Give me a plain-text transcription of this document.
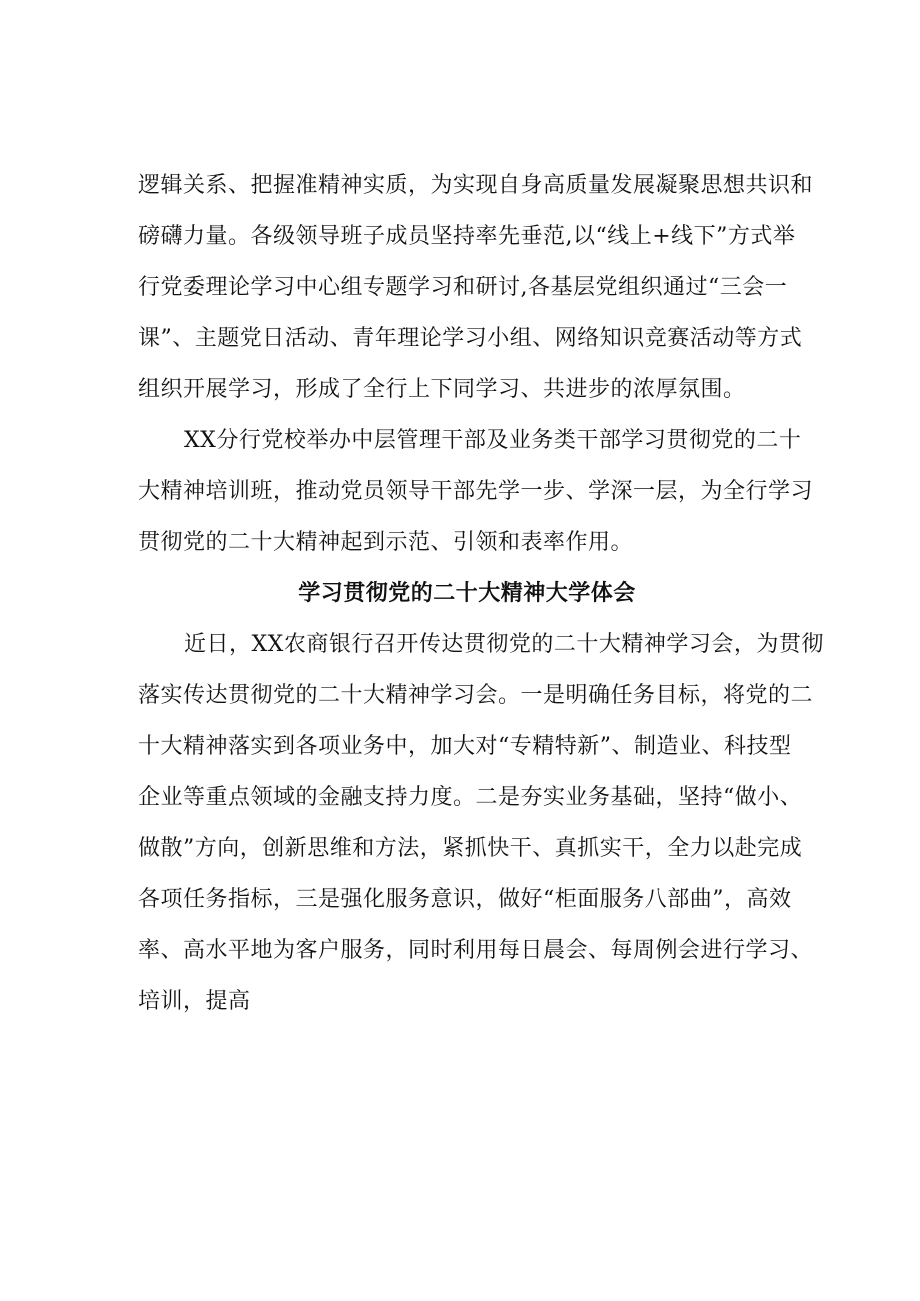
逻辑关系、把握准精神实质，为实现自身高质量发展凝聚思想共识和
磅礴力量。各级领导班子成员坚持率先垂范,以“线上+线下”方式举
行党委理论学习中心组专题学习和研讨,各基层党组织通过“三会一
课”、主题党日活动、青年理论学习小组、网络知识竞赛活动等方式
组织开展学习，形成了全行上下同学习、共进步的浓厚氛围。

XX分行党校举办中层管理干部及业务类干部学习贯彻党的二十
大精神培训班，推动党员领导干部先学一步、学深一层，为全行学习
贯彻党的二十大精神起到示范、引领和表率作用。

学习贯彻党的二十大精神大学体会

近日，XX农商银行召开传达贯彻党的二十大精神学习会，为贯彻
落实传达贯彻党的二十大精神学习会。一是明确任务目标，将党的二
十大精神落实到各项业务中，加大对“专精特新”、制造业、科技型
企业等重点领域的金融支持力度。二是夯实业务基础，坚持“做小、
做散”方向，创新思维和方法，紧抓快干、真抓实干，全力以赴完成
各项任务指标，三是强化服务意识，做好“柜面服务八部曲”，高效
率、高水平地为客户服务，同时利用每日晨会、每周例会进行学习、
培训，提高
